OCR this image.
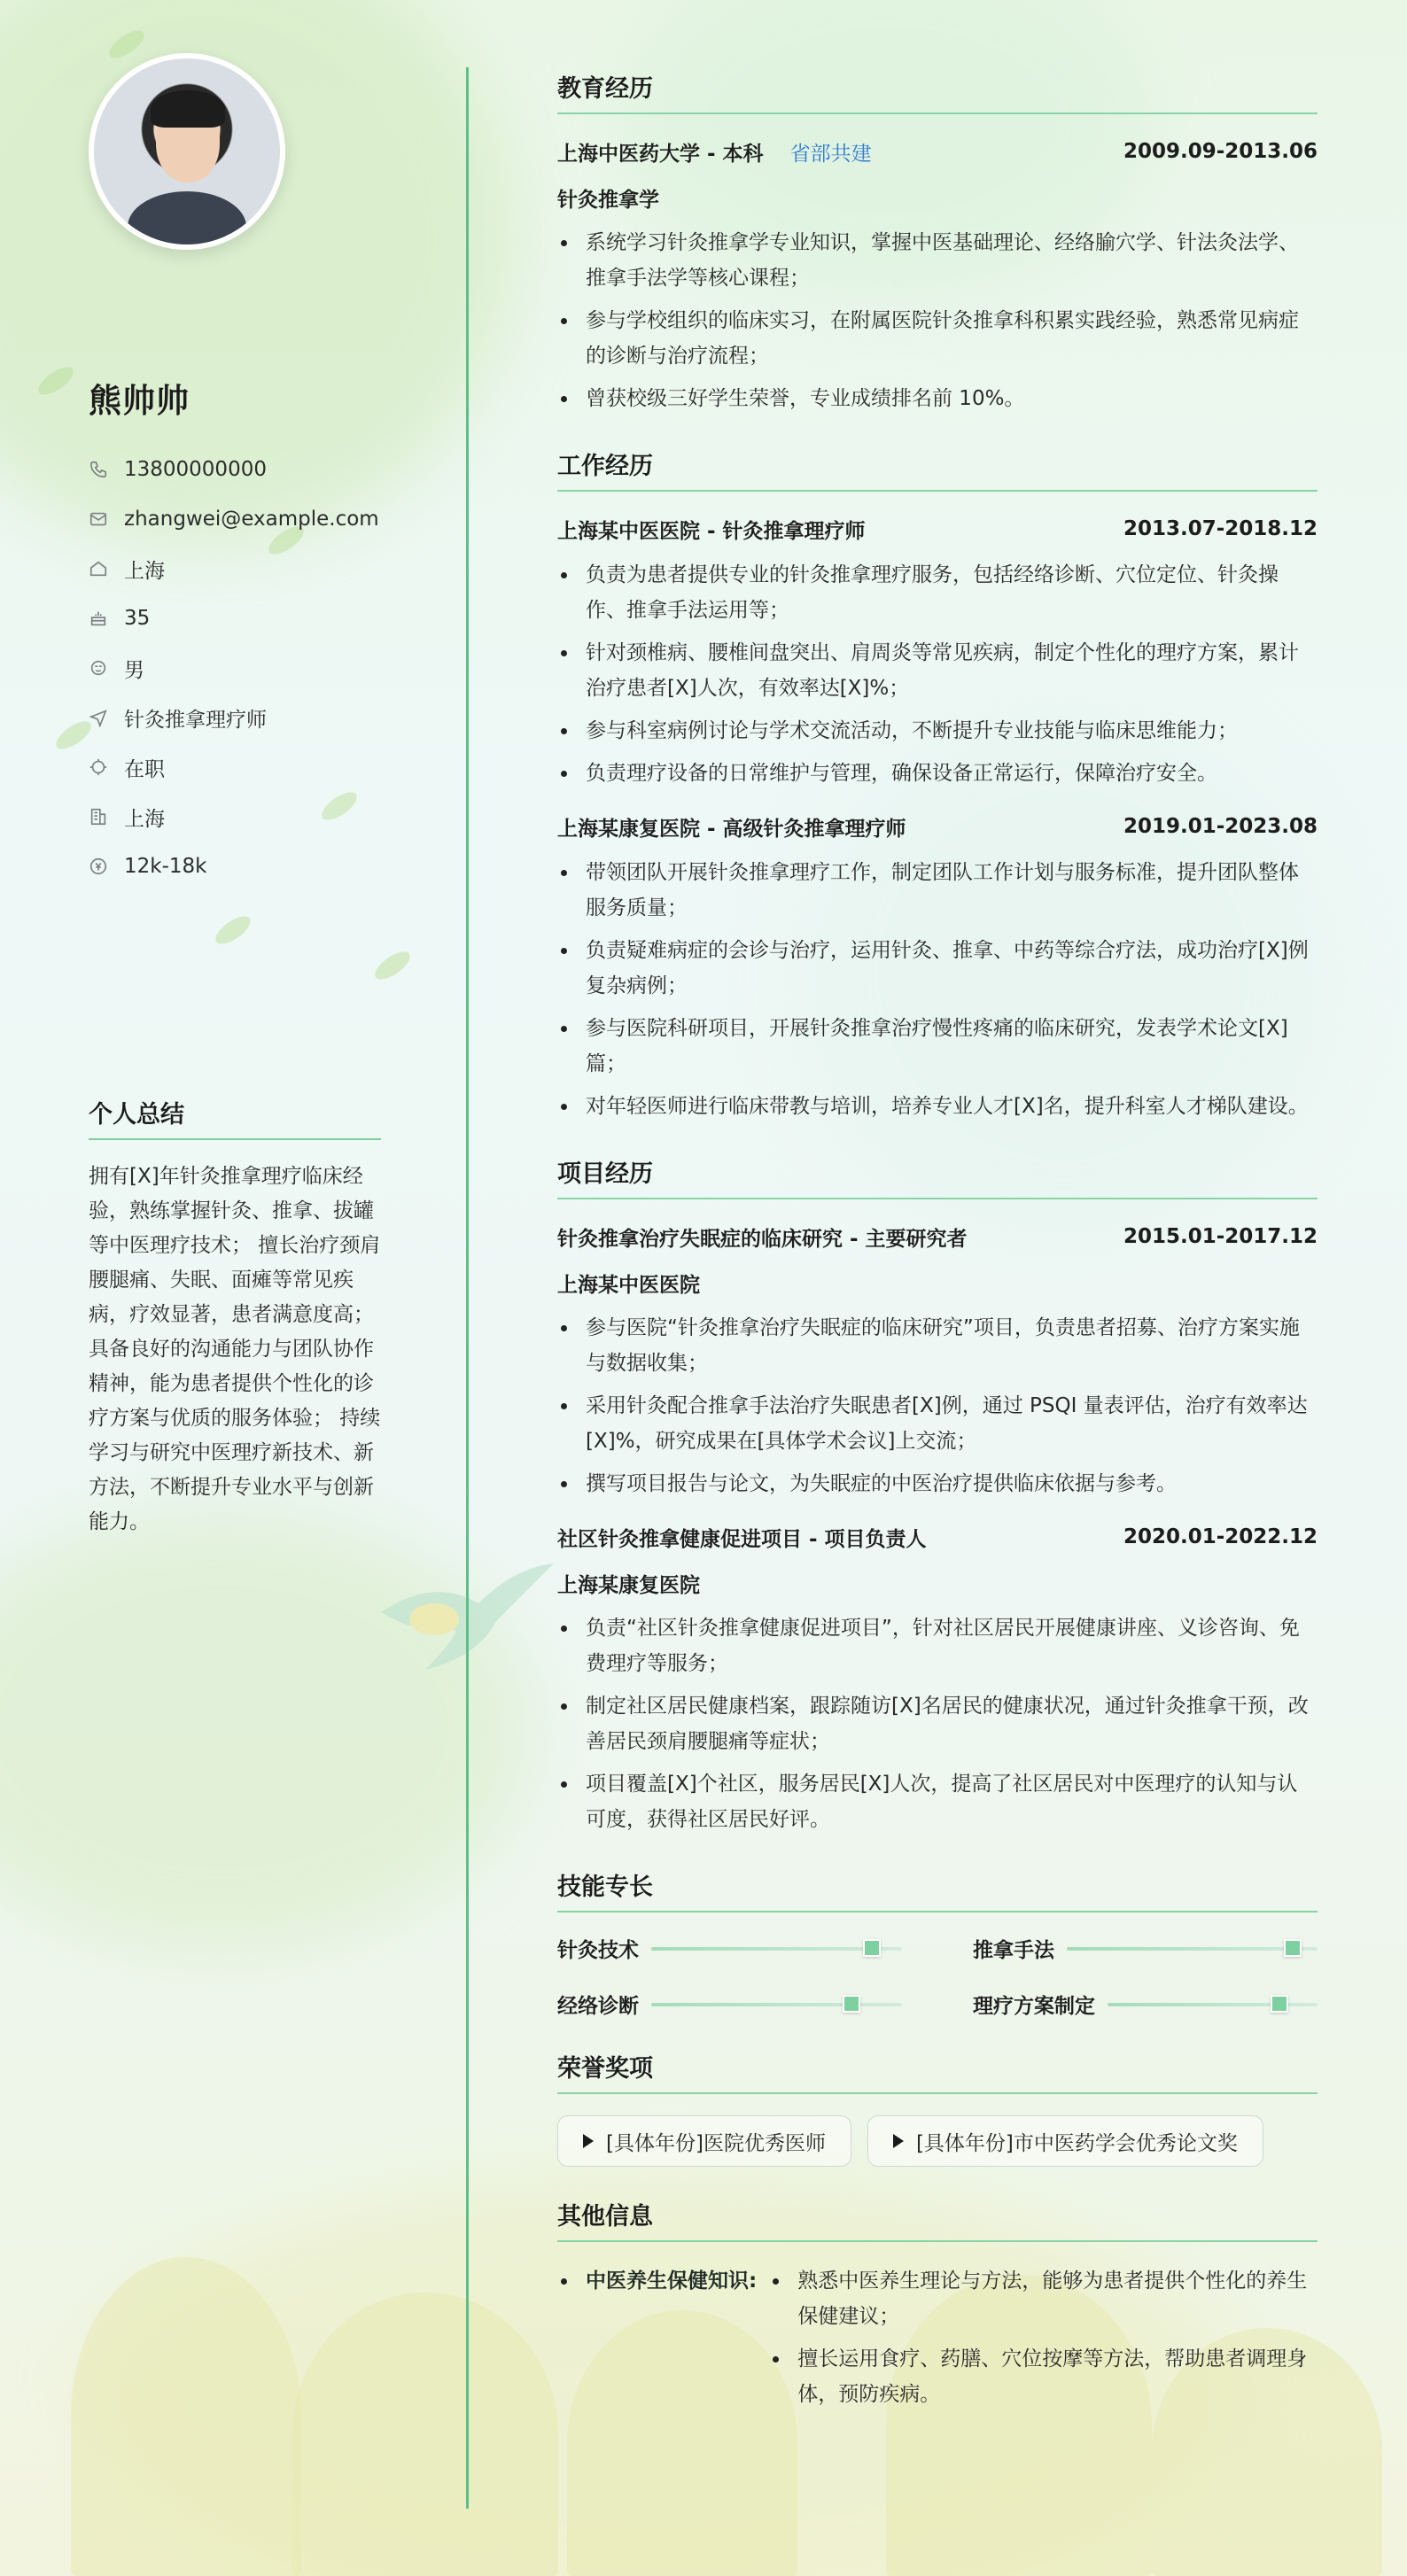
熊帅帅
13800000000
zhangwei@example.com
上海
35
男
针灸推拿理疗师
在职
上海
12k-18k
个人总结
拥有[X]年针灸推拿理疗临床经验，熟练掌握针灸、推拿、拔罐等中医理疗技术； 擅长治疗颈肩腰腿痛、失眠、面瘫等常见疾病，疗效显著，患者满意度高； 具备良好的沟通能力与团队协作精神，能为患者提供个性化的诊疗方案与优质的服务体验； 持续学习与研究中医理疗新技术、新方法，不断提升专业水平与创新能力。
教育经历
上海中医药大学 - 本科 省部共建	2009.09-2013.06
针灸推拿学
系统学习针灸推拿学专业知识，掌握中医基础理论、经络腧穴学、针法灸法学、推拿手法学等核心课程；
参与学校组织的临床实习，在附属医院针灸推拿科积累实践经验，熟悉常见病症的诊断与治疗流程；
曾获校级三好学生荣誉，专业成绩排名前 10%。
工作经历
上海某中医医院 - 针灸推拿理疗师	2013.07-2018.12
负责为患者提供专业的针灸推拿理疗服务，包括经络诊断、穴位定位、针灸操作、推拿手法运用等；
针对颈椎病、腰椎间盘突出、肩周炎等常见疾病，制定个性化的理疗方案，累计治疗患者[X]人次，有效率达[X]%；
参与科室病例讨论与学术交流活动，不断提升专业技能与临床思维能力；
负责理疗设备的日常维护与管理，确保设备正常运行，保障治疗安全。
上海某康复医院 - 高级针灸推拿理疗师	2019.01-2023.08
带领团队开展针灸推拿理疗工作，制定团队工作计划与服务标准，提升团队整体服务质量；
负责疑难病症的会诊与治疗，运用针灸、推拿、中药等综合疗法，成功治疗[X]例复杂病例；
参与医院科研项目，开展针灸推拿治疗慢性疼痛的临床研究，发表学术论文[X]篇；
对年轻医师进行临床带教与培训，培养专业人才[X]名，提升科室人才梯队建设。
项目经历
针灸推拿治疗失眠症的临床研究 - 主要研究者	2015.01-2017.12
上海某中医医院
参与医院“针灸推拿治疗失眠症的临床研究”项目，负责患者招募、治疗方案实施与数据收集；
采用针灸配合推拿手法治疗失眠患者[X]例，通过 PSQI 量表评估，治疗有效率达[X]%，研究成果在[具体学术会议]上交流；
撰写项目报告与论文，为失眠症的中医治疗提供临床依据与参考。
社区针灸推拿健康促进项目 - 项目负责人	2020.01-2022.12
上海某康复医院
负责“社区针灸推拿健康促进项目”，针对社区居民开展健康讲座、义诊咨询、免费理疗等服务；
制定社区居民健康档案，跟踪随访[X]名居民的健康状况，通过针灸推拿干预，改善居民颈肩腰腿痛等症状；
项目覆盖[X]个社区，服务居民[X]人次，提高了社区居民对中医理疗的认知与认可度，获得社区居民好评。
技能专长
针灸技术	推拿手法
经络诊断	理疗方案制定
荣誉奖项
[具体年份]医院优秀医师	[具体年份]市中医药学会优秀论文奖
其他信息
中医养生保健知识:	熟悉中医养生理论与方法，能够为患者提供个性化的养生保健建议；
擅长运用食疗、药膳、穴位按摩等方法，帮助患者调理身体，预防疾病。
